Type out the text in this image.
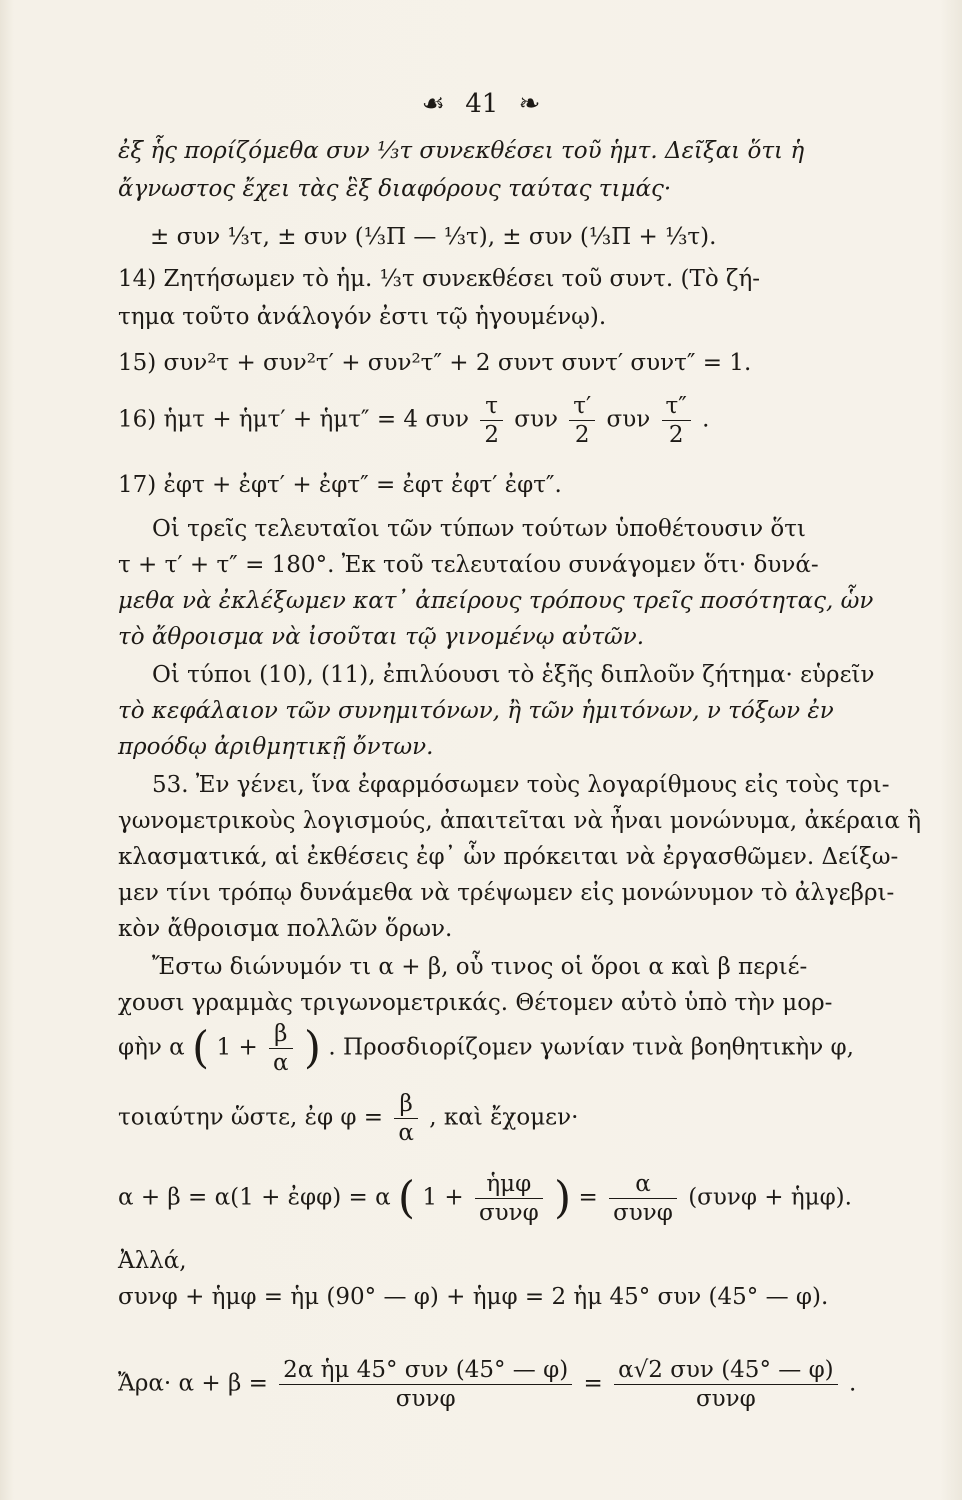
☙ 41 ❧
ἐξ ἧς πορίζόμεθα συν ⅓τ συνεκθέσει τοῦ ἡμτ. Δεῖξαι ὅτι ἡ
ἄγνωστος ἔχει τὰς ἓξ διαφόρους ταύτας τιμάς·
± συν ⅓τ, ± συν (⅓Π — ⅓τ), ± συν (⅓Π + ⅓τ).
14) Ζητήσωμεν τὸ ἡμ. ⅓τ συνεκθέσει τοῦ συντ. (Τὸ ζή-
τημα τοῦτο ἀνάλογόν ἐστι τῷ ἡγουμένῳ).
15) συν²τ + συν²τ′ + συν²τ″ + 2 συντ συντ′ συντ″ = 1.
16) ἡμτ + ἡμτ′ + ἡμτ″ = 4 συν $\frac{\tau}{2}$ συν $\frac{\tau'}{2}$ συν $\frac{\tau''}{2}$ .
17) ἐφτ + ἐφτ′ + ἐφτ″ = ἐφτ ἐφτ′ ἐφτ″.
Οἱ τρεῖς τελευταῖοι τῶν τύπων τούτων ὑποθέτουσιν ὅτι
τ + τ′ + τ″ = 180°. Ἐκ τοῦ τελευταίου συνάγομεν ὅτι· δυνά-
μεθα νὰ ἐκλέξωμεν κατ᾽ ἀπείρους τρόπους τρεῖς ποσότητας, ὧν
τὸ ἄθροισμα νὰ ἰσοῦται τῷ γινομένῳ αὐτῶν.
Οἱ τύποι (10), (11), ἐπιλύουσι τὸ ἑξῆς διπλοῦν ζήτημα· εὑρεῖν
τὸ κεφάλαιον τῶν συνημιτόνων, ἢ τῶν ἡμιτόνων, ν τόξων ἐν
προόδῳ ἀριθμητικῇ ὄντων.
53. Ἐν γένει, ἵνα ἐφαρμόσωμεν τοὺς λογαρίθμους εἰς τοὺς τρι-
γωνομετρικοὺς λογισμούς, ἀπαιτεῖται νὰ ἦναι μονώνυμα, ἀκέραια ἢ
κλασματικά, αἱ ἐκθέσεις ἐφ᾽ ὧν πρόκειται νὰ ἐργασθῶμεν. Δείξω-
μεν τίνι τρόπῳ δυνάμεθα νὰ τρέψωμεν εἰς μονώνυμον τὸ ἀλγεβρι-
κὸν ἄθροισμα πολλῶν ὅρων.
Ἔστω διώνυμόν τι α + β, οὗ τινος οἱ ὅροι α καὶ β περιέ-
χουσι γραμμὰς τριγωνομετρικάς. Θέτομεν αὐτὸ ὑπὸ τὴν μορ-
φὴν α ( $1 + \frac{\beta}{\alpha}$ ) . Προσδιορίζομεν γωνίαν τινὰ βοηθητικὴν φ,
τοιαύτην ὥστε, ἐφ $\varphi = \frac{\beta}{\alpha}$ , καὶ ἔχομεν·
α + β = α(1 + ἐφφ) = α ( $1 + \frac{\text{ἡμφ}}{\text{συνφ}}$ ) = $\frac{\alpha}{\text{συνφ}} (\sigma\upsilon\nu\varphi$ + ἡμφ).
Ἀλλά,
συνφ + ἡμφ = ἡμ (90° — φ) + ἡμφ = 2 ἡμ 45° συν (45° — φ).
Ἄρα· $\alpha + \beta = \frac{\text{2α ἡμ 45° συν (45° — φ)}}{\text{συνφ}} = \frac{\text{α√2 συν (45° — φ)}}{\text{συνφ}}$ .
